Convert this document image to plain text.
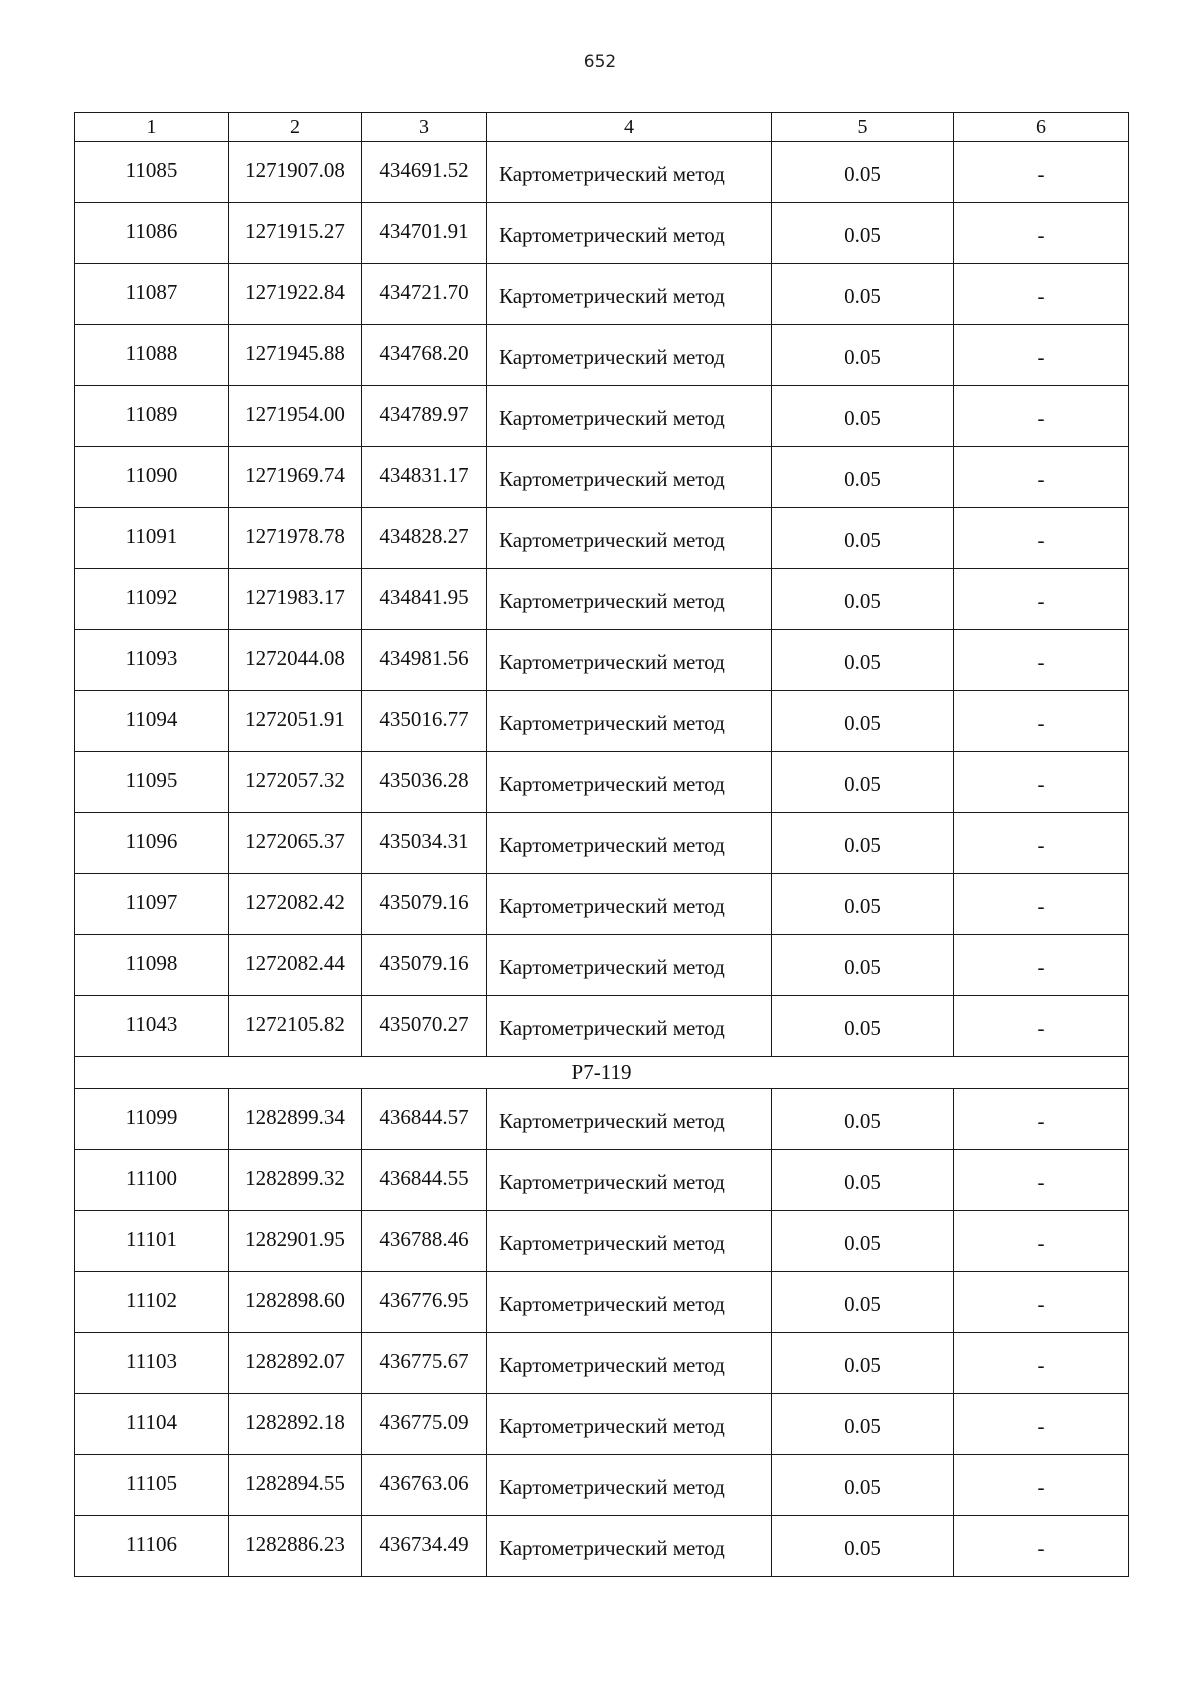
652
1	2	3	4	5	6
11085	1271907.08	434691.52	Картометрический метод	0.05	-
11086	1271915.27	434701.91	Картометрический метод	0.05	-
11087	1271922.84	434721.70	Картометрический метод	0.05	-
11088	1271945.88	434768.20	Картометрический метод	0.05	-
11089	1271954.00	434789.97	Картометрический метод	0.05	-
11090	1271969.74	434831.17	Картометрический метод	0.05	-
11091	1271978.78	434828.27	Картометрический метод	0.05	-
11092	1271983.17	434841.95	Картометрический метод	0.05	-
11093	1272044.08	434981.56	Картометрический метод	0.05	-
11094	1272051.91	435016.77	Картометрический метод	0.05	-
11095	1272057.32	435036.28	Картометрический метод	0.05	-
11096	1272065.37	435034.31	Картометрический метод	0.05	-
11097	1272082.42	435079.16	Картометрический метод	0.05	-
11098	1272082.44	435079.16	Картометрический метод	0.05	-
11043	1272105.82	435070.27	Картометрический метод	0.05	-
Р7-119					
11099	1282899.34	436844.57	Картометрический метод	0.05	-
11100	1282899.32	436844.55	Картометрический метод	0.05	-
11101	1282901.95	436788.46	Картометрический метод	0.05	-
11102	1282898.60	436776.95	Картометрический метод	0.05	-
11103	1282892.07	436775.67	Картометрический метод	0.05	-
11104	1282892.18	436775.09	Картометрический метод	0.05	-
11105	1282894.55	436763.06	Картометрический метод	0.05	-
11106	1282886.23	436734.49	Картометрический метод	0.05	-
